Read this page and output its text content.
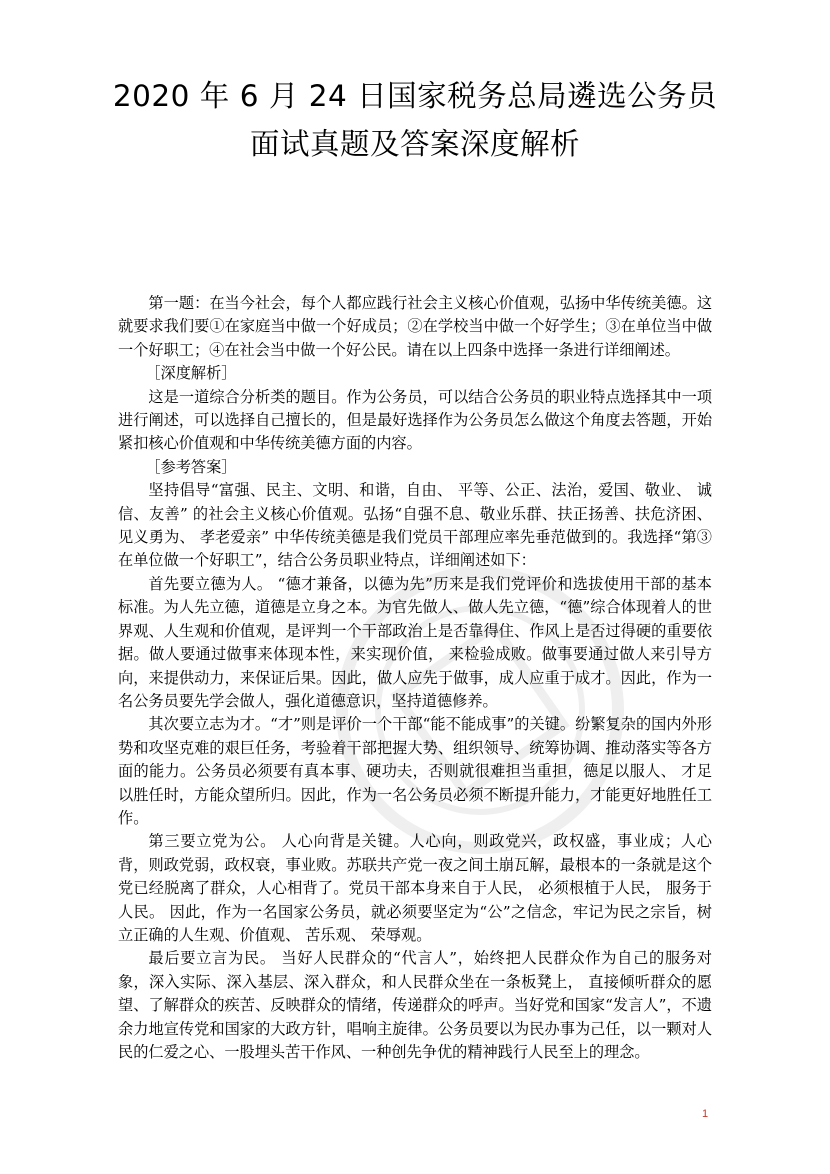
2020 年 6 月 24 日国家税务总局遴选公务员
面试真题及答案深度解析

第一题：在当今社会，每个人都应践行社会主义核心价值观，弘扬中华传统美德。这就要求我们要①在家庭当中做一个好成员；②在学校当中做一个好学生；③在单位当中做一个好职工；④在社会当中做一个好公民。请在以上四条中选择一条进行详细阐述。

［深度解析］

这是一道综合分析类的题目。作为公务员，可以结合公务员的职业特点选择其中一项进行阐述，可以选择自己擅长的，但是最好选择作为公务员怎么做这个角度去答题，开始紧扣核心价值观和中华传统美德方面的内容。

［参考答案］

坚持倡导“富强、民主、文明、和谐，自由、 平等、公正、法治，爱国、敬业、 诚信、友善” 的社会主义核心价值观。弘扬“自强不息、敬业乐群、扶正扬善、扶危济困、见义勇为、 孝老爱亲” 中华传统美德是我们党员干部理应率先垂范做到的。我选择“第③在单位做一个好职工”，结合公务员职业特点，详细阐述如下：

首先要立德为人。 “德才兼备，以德为先”历来是我们党评价和选拔使用干部的基本标准。为人先立德，道德是立身之本。为官先做人、做人先立德，“德”综合体现着人的世界观、人生观和价值观，是评判一个干部政治上是否靠得住、作风上是否过得硬的重要依据。做人要通过做事来体现本性，来实现价值， 来检验成败。做事要通过做人来引导方向，来提供动力，来保证后果。因此，做人应先于做事，成人应重于成才。因此，作为一名公务员要先学会做人，强化道德意识，坚持道德修养。

其次要立志为才。“才”则是评价一个干部“能不能成事”的关键。纷繁复杂的国内外形势和攻坚克难的艰巨任务，考验着干部把握大势、组织领导、统筹协调、推动落实等各方面的能力。公务员必须要有真本事、硬功夫，否则就很难担当重担，德足以服人、 才足以胜任时，方能众望所归。因此，作为一名公务员必须不断提升能力，才能更好地胜任工作。

第三要立党为公。 人心向背是关键。人心向，则政党兴，政权盛，事业成；人心背，则政党弱，政权衰，事业败。苏联共产党一夜之间土崩瓦解，最根本的一条就是这个党已经脱离了群众，人心相背了。党员干部本身来自于人民， 必须根植于人民， 服务于人民。 因此，作为一名国家公务员，就必须要坚定为“公”之信念，牢记为民之宗旨，树立正确的人生观、价值观、 苦乐观、 荣辱观。

最后要立言为民。 当好人民群众的“代言人”，始终把人民群众作为自己的服务对象，深入实际、深入基层、深入群众，和人民群众坐在一条板凳上， 直接倾听群众的愿望、了解群众的疾苦、反映群众的情绪，传递群众的呼声。当好党和国家“发言人”，不遗余力地宣传党和国家的大政方针，唱响主旋律。公务员要以为民办事为己任，以一颗对人民的仁爱之心、一股埋头苦干作风、一种创先争优的精神践行人民至上的理念。

1
